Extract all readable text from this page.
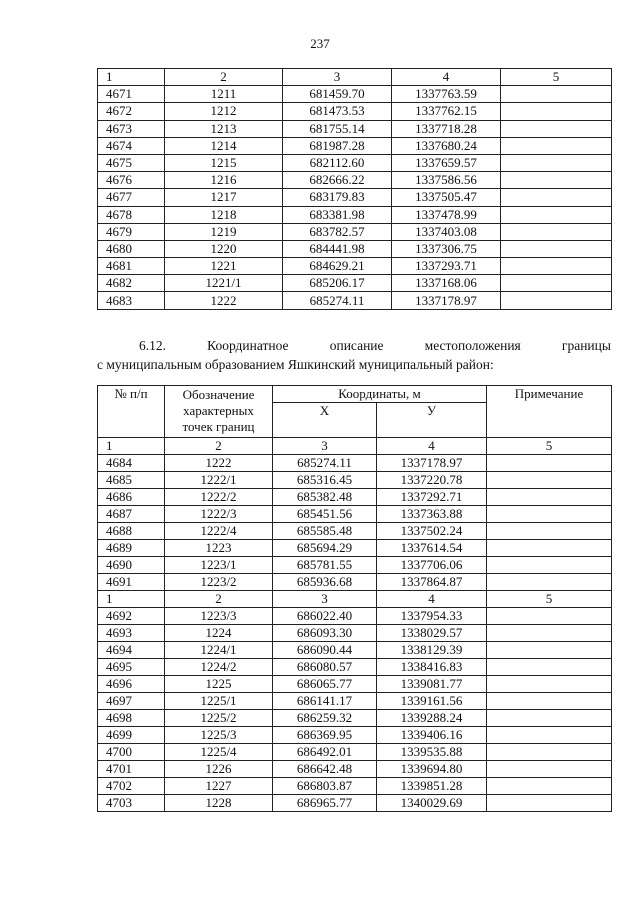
237
1	2	3	4	5
4671	1211	681459.70	1337763.59	
4672	1212	681473.53	1337762.15	
4673	1213	681755.14	1337718.28	
4674	1214	681987.28	1337680.24	
4675	1215	682112.60	1337659.57	
4676	1216	682666.22	1337586.56	
4677	1217	683179.83	1337505.47	
4678	1218	683381.98	1337478.99	
4679	1219	683782.57	1337403.08	
4680	1220	684441.98	1337306.75	
4681	1221	684629.21	1337293.71	
4682	1221/1	685206.17	1337168.06	
4683	1222	685274.11	1337178.97	
6.12.	Координатное	описание	местоположения	границы
с муниципальным образованием Яшкинский муниципальный район:
№ п/п	Обозначение характерных точек границ	Координаты, м		Примечание
		X	У	
1	2	3	4	5
4684	1222	685274.11	1337178.97	
4685	1222/1	685316.45	1337220.78	
4686	1222/2	685382.48	1337292.71	
4687	1222/3	685451.56	1337363.88	
4688	1222/4	685585.48	1337502.24	
4689	1223	685694.29	1337614.54	
4690	1223/1	685781.55	1337706.06	
4691	1223/2	685936.68	1337864.87	
1	2	3	4	5
4692	1223/3	686022.40	1337954.33	
4693	1224	686093.30	1338029.57	
4694	1224/1	686090.44	1338129.39	
4695	1224/2	686080.57	1338416.83	
4696	1225	686065.77	1339081.77	
4697	1225/1	686141.17	1339161.56	
4698	1225/2	686259.32	1339288.24	
4699	1225/3	686369.95	1339406.16	
4700	1225/4	686492.01	1339535.88	
4701	1226	686642.48	1339694.80	
4702	1227	686803.87	1339851.28	
4703	1228	686965.77	1340029.69	
